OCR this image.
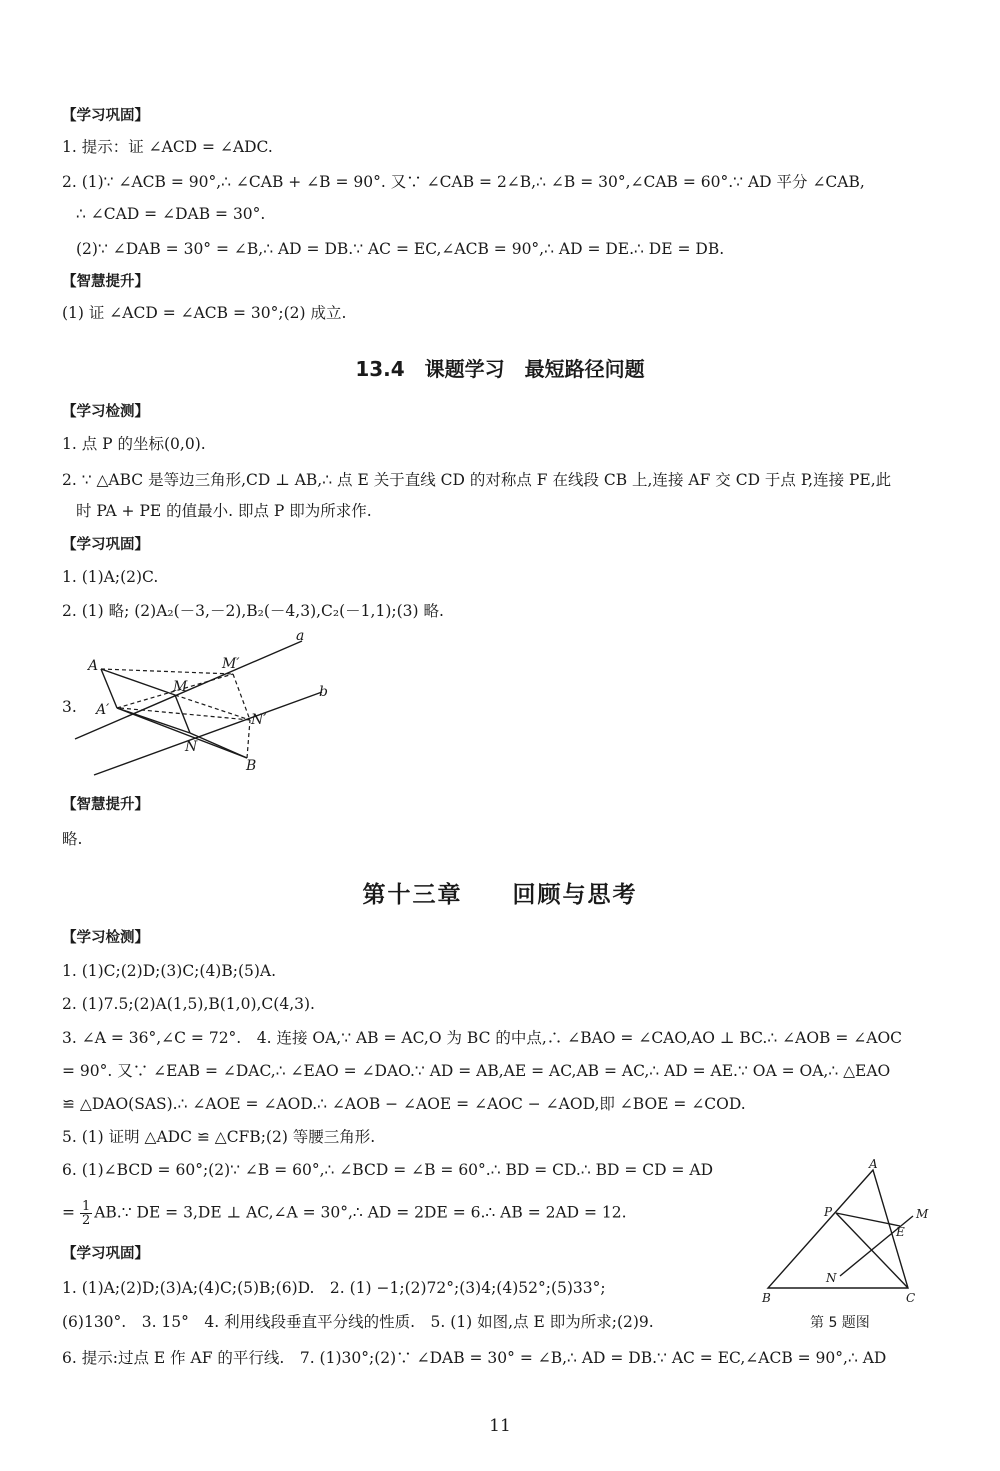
【学习巩固】
1. 提示：证 ∠ACD = ∠ADC.
2. (1)∵ ∠ACB = 90°,∴ ∠CAB + ∠B = 90°. 又∵ ∠CAB = 2∠B,∴ ∠B = 30°,∠CAB = 60°.∵ AD 平分 ∠CAB,
∴ ∠CAD = ∠DAB = 30°.
(2)∵ ∠DAB = 30° = ∠B,∴ AD = DB.∵ AC = EC,∠ACB = 90°,∴ AD = DE.∴ DE = DB.
【智慧提升】
(1) 证 ∠ACD = ∠ACB = 30°;(2) 成立.
13.4　课题学习　最短路径问题
【学习检测】
1. 点 P 的坐标(0,0).
2. ∵ △ABC 是等边三角形,CD ⊥ AB,∴ 点 E 关于直线 CD 的对称点 F 在线段 CB 上,连接 AF 交 CD 于点 P,连接 PE,此
时 PA + PE 的值最小. 即点 P 即为所求作.
【学习巩固】
1. (1)A;(2)C.
2. (1) 略; (2)A₂(－3,－2),B₂(－4,3),C₂(－1,1);(3) 略.
3.
a
b
A
A′
M
M′
N
N′
B
【智慧提升】
略.
第十三章　　回顾与思考
【学习检测】
1. (1)C;(2)D;(3)C;(4)B;(5)A.
2. (1)7.5;(2)A(1,5),B(1,0),C(4,3).
3. ∠A = 36°,∠C = 72°.　4. 连接 OA,∵ AB = AC,O 为 BC 的中点,∴ ∠BAO = ∠CAO,AO ⊥ BC.∴ ∠AOB = ∠AOC
= 90°. 又∵ ∠EAB = ∠DAC,∴ ∠EAO = ∠DAO.∵ AD = AB,AE = AC,AB = AC,∴ AD = AE.∵ OA = OA,∴ △EAO
≌ △DAO(SAS).∴ ∠AOE = ∠AOD.∴ ∠AOB − ∠AOE = ∠AOC − ∠AOD,即 ∠BOE = ∠COD.
5. (1) 证明 △ADC ≌ △CFB;(2) 等腰三角形.
6. (1)∠BCD = 60°;(2)∵ ∠B = 60°,∴ ∠BCD = ∠B = 60°.∴ BD = CD.∴ BD = CD = AD
= $\frac{1}{2}$ AB.∵ DE = 3,DE ⊥ AC,∠A = 30°,∴ AD = 2DE = 6.∴ AB = 2AD = 12.
【学习巩固】
1. (1)A;(2)D;(3)A;(4)C;(5)B;(6)D.　2. (1) −1;(2)72°;(3)4;(4)52°;(5)33°;
(6)130°.　3. 15°　4. 利用线段垂直平分线的性质.　5. (1) 如图,点 E 即为所求;(2)9.
6. 提示:过点 E 作 AF 的平行线.　7. (1)30°;(2)∵ ∠DAB = 30° = ∠B,∴ AD = DB.∵ AC = EC,∠ACB = 90°,∴ AD
A
B	C
P
E
M
N
第 5 题图
11
